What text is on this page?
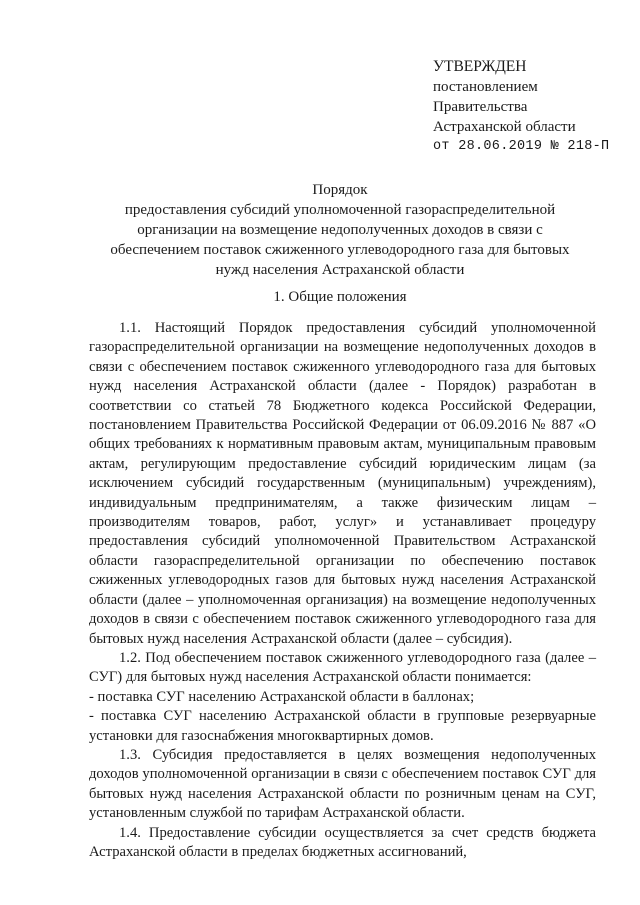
УТВЕРЖДЕН
постановлением
Правительства
Астраханской области
от 28.06.2019 № 218-П
Порядок
предоставления субсидий уполномоченной газораспределительной
организации на возмещение недополученных доходов в связи с
обеспечением поставок сжиженного углеводородного газа для бытовых
нужд населения Астраханской области
1. Общие положения

1.1. Настоящий Порядок предоставления субсидий уполномоченной газораспределительной организации на возмещение недополученных доходов в связи с обеспечением поставок сжиженного углеводородного газа для бытовых нужд населения Астраханской области (далее - Порядок) разработан в соответствии со статьей 78 Бюджетного кодекса Российской Федерации, постановлением Правительства Российской Федерации от 06.09.2016 № 887 «О общих требованиях к нормативным правовым актам, муниципальным правовым актам, регулирующим предоставление субсидий юридическим лицам (за исключением субсидий государственным (муниципальным) учреждениям), индивидуальным предпринимателям, а также физическим лицам – производителям товаров, работ, услуг» и устанавливает процедуру предоставления субсидий уполномоченной Правительством Астраханской области газораспределительной организации по обеспечению поставок сжиженных углеводородных газов для бытовых нужд населения Астраханской области (далее – уполномоченная организация) на возмещение недополученных доходов в связи с обеспечением поставок сжиженного углеводородного газа для бытовых нужд населения Астраханской области (далее – субсидия).

1.2. Под обеспечением поставок сжиженного углеводородного газа (далее – СУГ) для бытовых нужд населения Астраханской области понимается:

- поставка СУГ населению Астраханской области в баллонах;

- поставка СУГ населению Астраханской области в групповые резервуарные установки для газоснабжения многоквартирных домов.

1.3. Субсидия предоставляется в целях возмещения недополученных доходов уполномоченной организации в связи с обеспечением поставок СУГ для бытовых нужд населения Астраханской области по розничным ценам на СУГ, установленным службой по тарифам Астраханской области.

1.4. Предоставление субсидии осуществляется за счет средств бюджета Астраханской области в пределах бюджетных ассигнований,
